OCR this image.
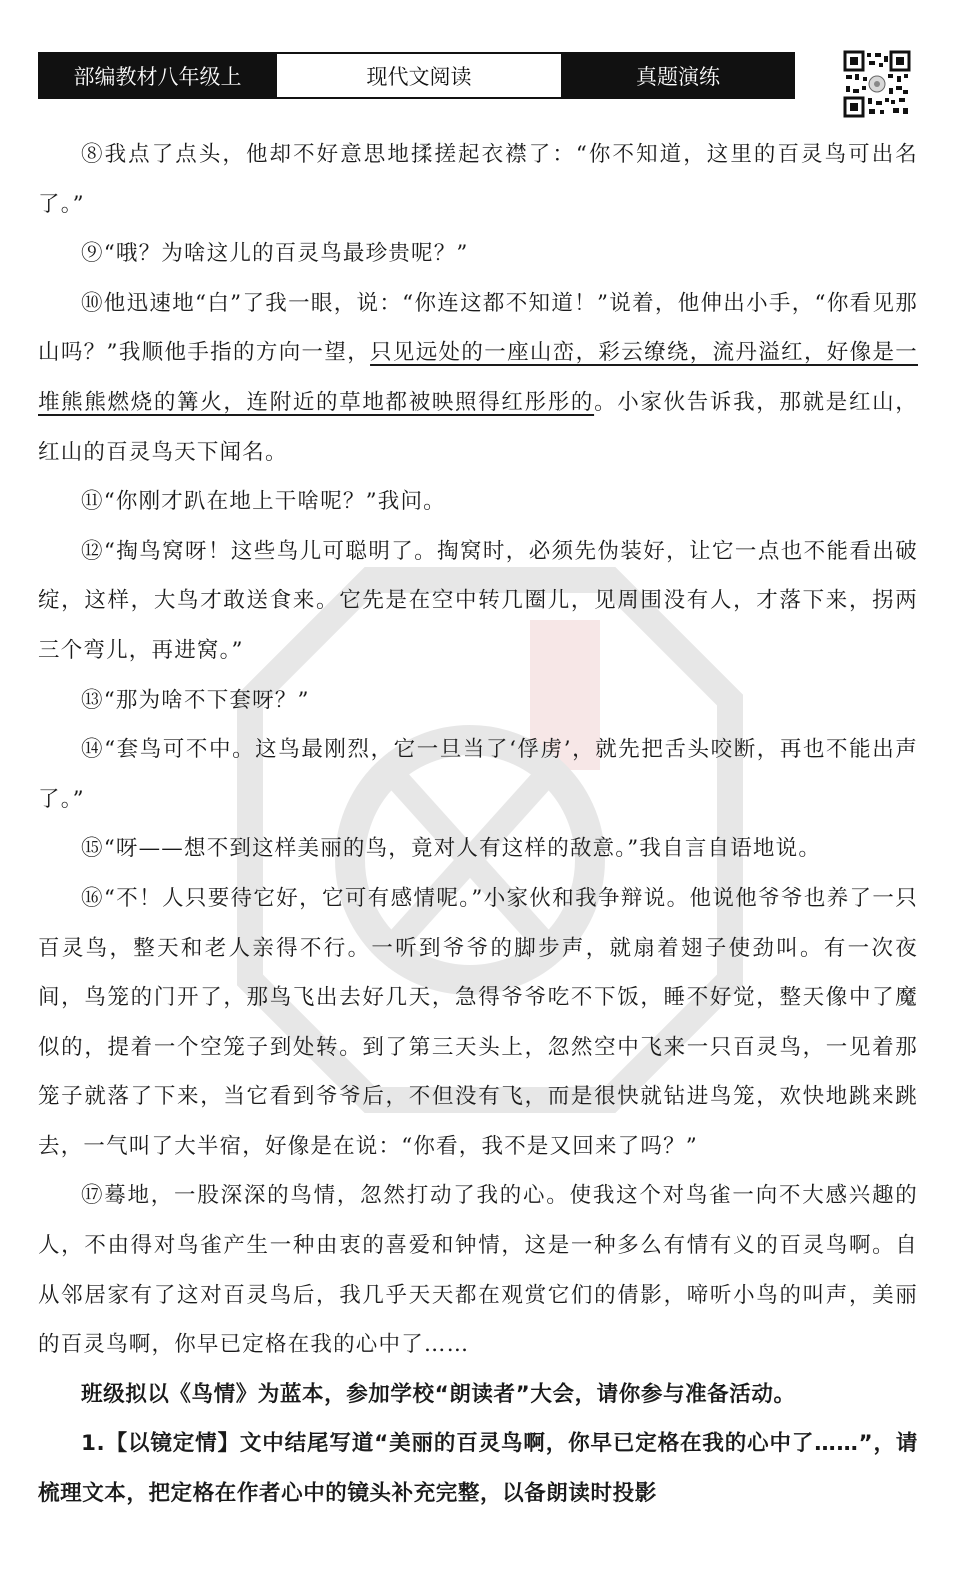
部编教材八年级上	现代文阅读	真题演练

⑧我点了点头，他却不好意思地揉搓起衣襟了：“你不知道，这里的百灵鸟可出名了。”

⑨“哦？为啥这儿的百灵鸟最珍贵呢？”

⑩他迅速地“白”了我一眼，说：“你连这都不知道！”说着，他伸出小手，“你看见那山吗？”我顺他手指的方向一望，只见远处的一座山峦，彩云缭绕，流丹溢红，好像是一堆熊熊燃烧的篝火，连附近的草地都被映照得红彤彤的。小家伙告诉我，那就是红山，红山的百灵鸟天下闻名。

⑪“你刚才趴在地上干啥呢？”我问。

⑫“掏鸟窝呀！这些鸟儿可聪明了。掏窝时，必须先伪装好，让它一点也不能看出破绽，这样，大鸟才敢送食来。它先是在空中转几圈儿，见周围没有人，才落下来，拐两三个弯儿，再进窝。”

⑬“那为啥不下套呀？”

⑭“套鸟可不中。这鸟最刚烈，它一旦当了‘俘虏’，就先把舌头咬断，再也不能出声了。”

⑮“呀——想不到这样美丽的鸟，竟对人有这样的敌意。”我自言自语地说。

⑯“不！人只要待它好，它可有感情呢。”小家伙和我争辩说。他说他爷爷也养了一只百灵鸟，整天和老人亲得不行。一听到爷爷的脚步声，就扇着翅子使劲叫。有一次夜间，鸟笼的门开了，那鸟飞出去好几天，急得爷爷吃不下饭，睡不好觉，整天像中了魔似的，提着一个空笼子到处转。到了第三天头上，忽然空中飞来一只百灵鸟，一见着那笼子就落了下来，当它看到爷爷后，不但没有飞，而是很快就钻进鸟笼，欢快地跳来跳去，一气叫了大半宿，好像是在说：“你看，我不是又回来了吗？”

⑰蓦地，一股深深的鸟情，忽然打动了我的心。使我这个对鸟雀一向不大感兴趣的人，不由得对鸟雀产生一种由衷的喜爱和钟情，这是一种多么有情有义的百灵鸟啊。自从邻居家有了这对百灵鸟后，我几乎天天都在观赏它们的倩影，啼听小鸟的叫声，美丽的百灵鸟啊，你早已定格在我的心中了……

班级拟以《鸟情》为蓝本，参加学校“朗读者”大会，请你参与准备活动。

1.【以镜定情】文中结尾写道“美丽的百灵鸟啊，你早已定格在我的心中了……”，请梳理文本，把定格在作者心中的镜头补充完整，以备朗读时投影
